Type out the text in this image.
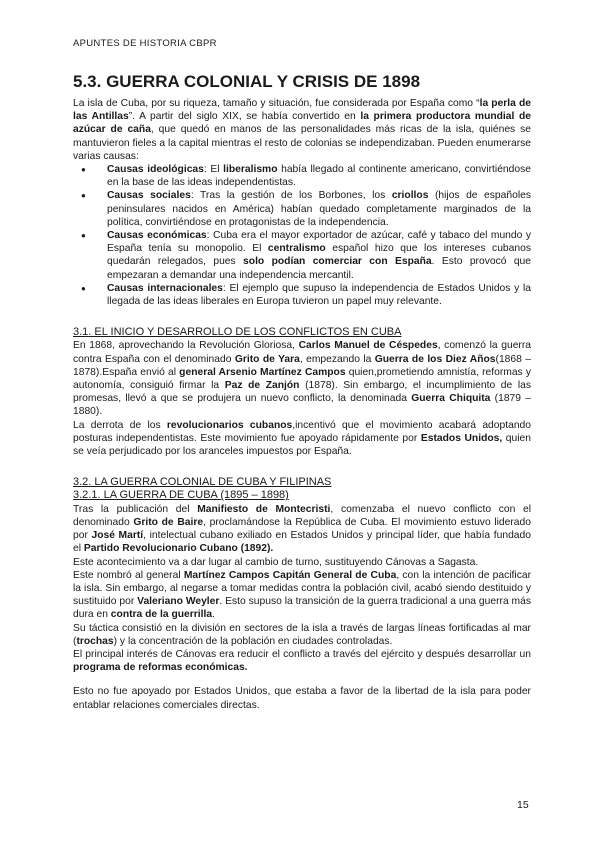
APUNTES DE HISTORIA CBPR
5.3. GUERRA COLONIAL Y CRISIS DE 1898

La isla de Cuba, por su riqueza, tamaño y situación, fue considerada por España como “la perla de las Antillas”. A partir del siglo XIX, se había convertido en la primera productora mundial de azúcar de caña, que quedó en manos de las personalidades más ricas de la isla, quiénes se mantuvieron fieles a la capital mientras el resto de colonias se independizaban. Pueden enumerarse varias causas:

● Causas ideológicas: El liberalismo había llegado al continente americano, convirtiéndose en la base de las ideas independentistas.
● Causas sociales: Tras la gestión de los Borbones, los criollos (hijos de españoles peninsulares nacidos en América) habían quedado completamente marginados de la política, convirtiéndose en protagonistas de la independencia.
● Causas económicas: Cuba era el mayor exportador de azúcar, café y tabaco del mundo y España tenía su monopolio. El centralismo español hizo que los intereses cubanos quedarán relegados, pues solo podían comerciar con España. Esto provocó que empezaran a demandar una independencia mercantil.
● Causas internacionales: El ejemplo que supuso la independencia de Estados Unidos y la llegada de las ideas liberales en Europa tuvieron un papel muy relevante.

3.1. EL INICIO Y DESARROLLO DE LOS CONFLICTOS EN CUBA

En 1868, aprovechando la Revolución Gloriosa, Carlos Manuel de Céspedes, comenzó la guerra contra España con el denominado Grito de Yara, empezando la Guerra de los Diez Años(1868 – 1878).España envió al general Arsenio Martínez Campos quien,prometiendo amnistía, reformas y autonomía, consiguió firmar la Paz de Zanjón (1878). Sin embargo, el incumplimiento de las promesas, llevó a que se produjera un nuevo conflicto, la denominada Guerra Chiquita (1879 – 1880).

La derrota de los revolucionarios cubanos,incentivó que el movimiento acabará adoptando posturas independentistas. Este movimiento fue apoyado rápidamente por Estados Unidos, quien se veía perjudicado por los aranceles impuestos por España.

3.2. LA GUERRA COLONIAL DE CUBA Y FILIPINAS

3.2.1. LA GUERRA DE CUBA (1895 – 1898)

Tras la publicación del Manifiesto de Montecristi, comenzaba el nuevo conflicto con el denominado Grito de Baire, proclamándose la República de Cuba. El movimiento estuvo liderado por José Martí, intelectual cubano exiliado en Estados Unidos y principal líder, que había fundado el Partido Revolucionario Cubano (1892).

Este acontecimiento va a dar lugar al cambio de turno, sustituyendo Cánovas a Sagasta.

Este nombró al general Martínez Campos Capitán General de Cuba, con la intención de pacificar la isla. Sin embargo, al negarse a tomar medidas contra la población civil, acabó siendo destituido y sustituido por Valeriano Weyler. Esto supuso la transición de la guerra tradicional a una guerra más dura en contra de la guerrilla.

Su táctica consistió en la división en sectores de la isla a través de largas líneas fortificadas al mar (trochas) y la concentración de la población en ciudades controladas.

El principal interés de Cánovas era reducir el conflicto a través del ejército y después desarrollar un programa de reformas económicas.

Esto no fue apoyado por Estados Unidos, que estaba a favor de la libertad de la isla para poder entablar relaciones comerciales directas.

15
